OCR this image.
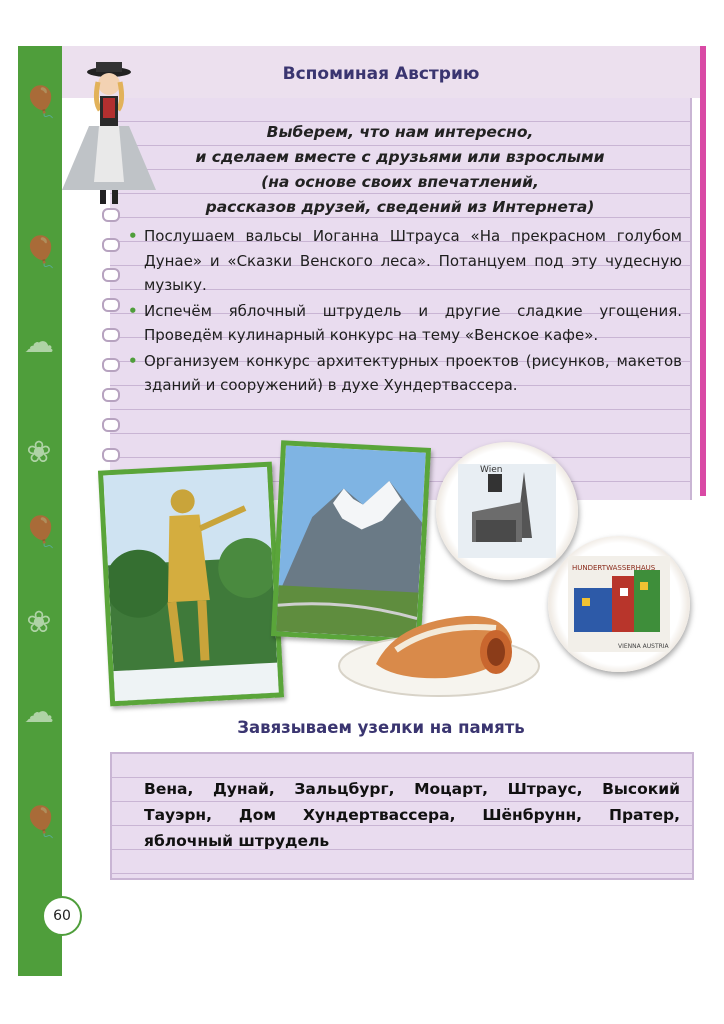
🎈
🎈
☁
❀
🎈
❀
☁
🎈
Вспоминая Австрию
Выберем, что нам интересно,
и сделаем вместе с друзьями или взрослыми
(на основе своих впечатлений,
рассказов друзей, сведений из Интернета)
• Послушаем вальсы Иоганна Штрауса «На прекрасном голубом Дунае» и «Сказки Венского леса». Потанцуем под эту чудесную музыку.
• Испечём яблочный штрудель и другие сладкие угощения. Проведём кулинарный конкурс на тему «Венское кафе».
• Организуем конкурс архитектурных проектов (рисунков, макетов зданий и сооружений) в духе Хундертвассера.
Wien
HUNDERTWASSERHAUS
VIENNA AUSTRIA
Завязываем узелки на память
Вена, Дунай, Зальцбург, Моцарт, Штраус, Высокий Тауэрн, Дом Хундертвассера, Шёнбрунн, Пратер, яблочный штрудель
60
